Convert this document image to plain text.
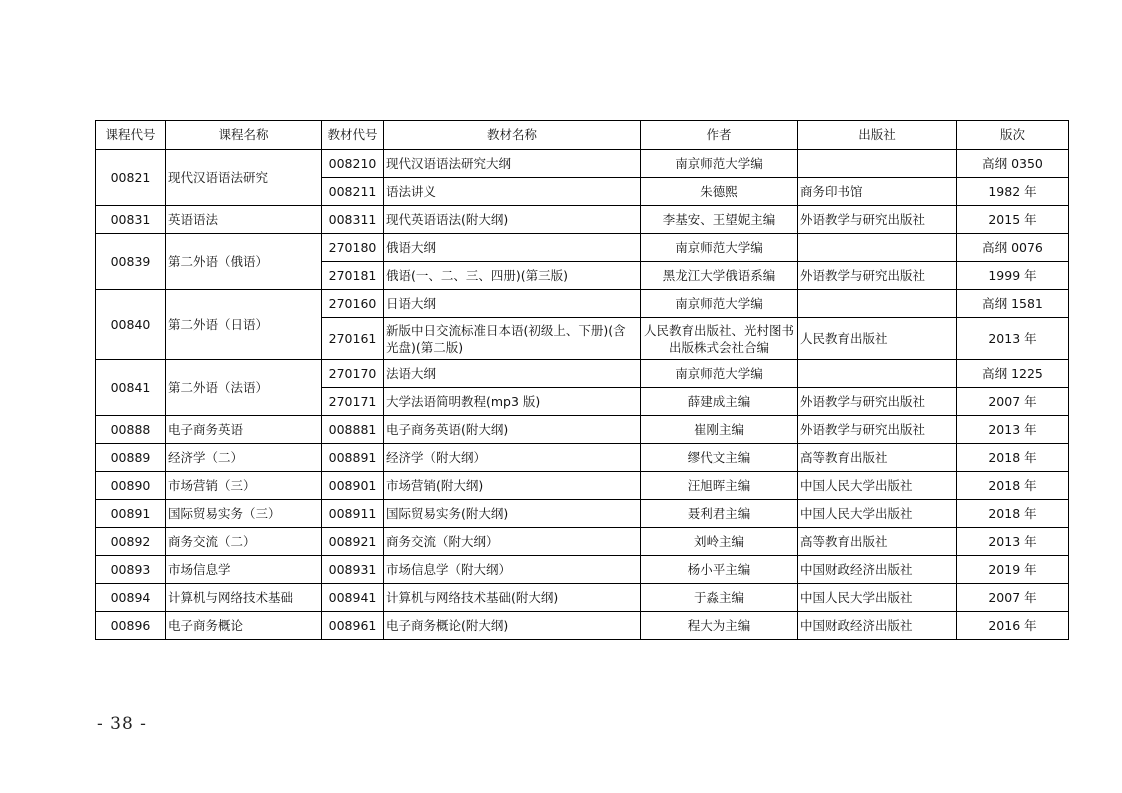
课程代号	课程名称	教材代号	教材名称	作者	出版社	版次
00821	现代汉语语法研究	008210	现代汉语语法研究大纲	南京师范大学编		高纲 0350
		008211	语法讲义	朱德熙	商务印书馆	1982 年
00831	英语语法	008311	现代英语语法(附大纲)	李基安、王望妮主编	外语教学与研究出版社	2015 年
00839	第二外语（俄语）	270180	俄语大纲	南京师范大学编		高纲 0076
		270181	俄语(一、二、三、四册)(第三版)	黑龙江大学俄语系编	外语教学与研究出版社	1999 年
00840	第二外语（日语）	270160	日语大纲	南京师范大学编		高纲 1581
		270161	新版中日交流标准日本语(初级上、下册)(含光盘)(第二版)	人民教育出版社、光村图书出版株式会社合编	人民教育出版社	2013 年
00841	第二外语（法语）	270170	法语大纲	南京师范大学编		高纲 1225
		270171	大学法语简明教程(mp3 版)	薛建成主编	外语教学与研究出版社	2007 年
00888	电子商务英语	008881	电子商务英语(附大纲)	崔刚主编	外语教学与研究出版社	2013 年
00889	经济学（二）	008891	经济学（附大纲）	缪代文主编	高等教育出版社	2018 年
00890	市场营销（三）	008901	市场营销(附大纲)	汪旭晖主编	中国人民大学出版社	2018 年
00891	国际贸易实务（三）	008911	国际贸易实务(附大纲)	聂利君主编	中国人民大学出版社	2018 年
00892	商务交流（二）	008921	商务交流（附大纲）	刘岭主编	高等教育出版社	2013 年
00893	市场信息学	008931	市场信息学（附大纲）	杨小平主编	中国财政经济出版社	2019 年
00894	计算机与网络技术基础	008941	计算机与网络技术基础(附大纲)	于淼主编	中国人民大学出版社	2007 年
00896	电子商务概论	008961	电子商务概论(附大纲)	程大为主编	中国财政经济出版社	2016 年
- 38 -
